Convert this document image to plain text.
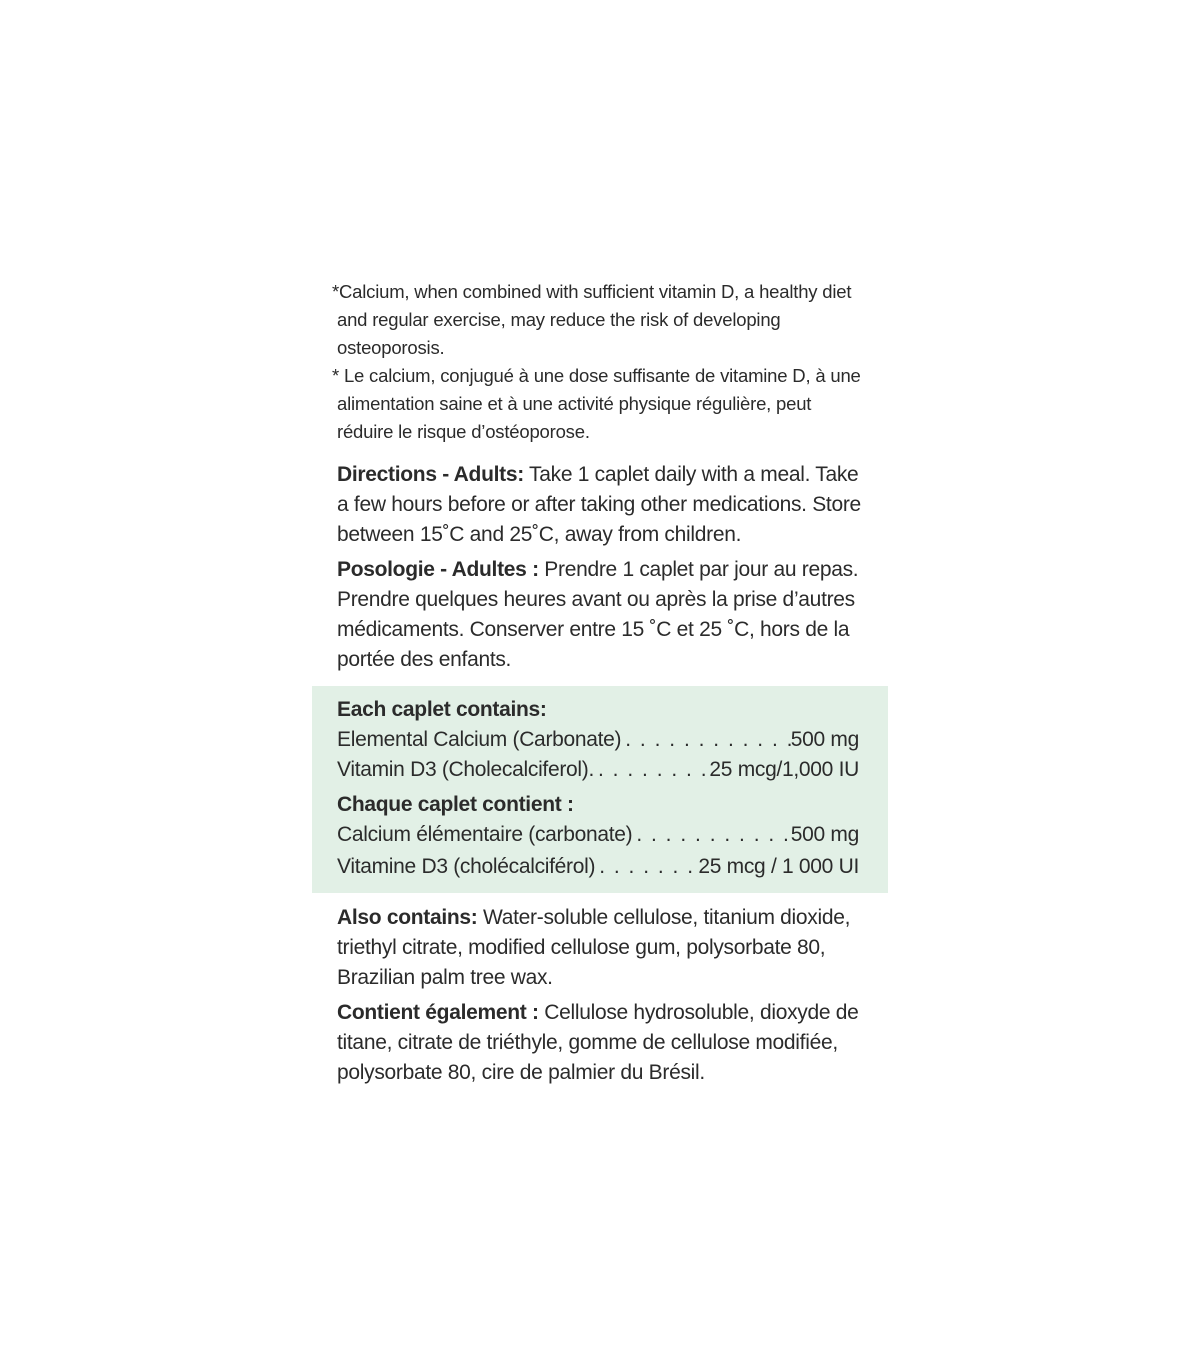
*Calcium, when combined with sufficient vitamin D, a healthy diet and regular exercise, may reduce the risk of developing osteoporosis.

* Le calcium, conjugué à une dose suffisante de vitamine D, à une alimentation saine et à une activité physique régulière, peut réduire le risque d’ostéoporose.

Directions - Adults: Take 1 caplet daily with a meal. Take a few hours before or after taking other medications. Store between 15˚C and 25˚C, away from children.

Posologie - Adultes : Prendre 1 caplet par jour au repas. Prendre quelques heures avant ou après la prise d’autres médicaments. Conserver entre 15 ˚C et 25 ˚C, hors de la portée des enfants.

Each caplet contains:

Elemental Calcium (Carbonate) . . .	500 mg
Vitamin D3 (Cholecalciferol). . . .	25 mcg/1,000 IU

Chaque caplet contient :

Calcium élémentaire (carbonate) . . .	500 mg
Vitamine D3 (cholécalciférol) . . .	25 mcg / 1 000 UI

Also contains: Water-soluble cellulose, titanium dioxide, triethyl citrate, modified cellulose gum, polysorbate 80, Brazilian palm tree wax.

Contient également : Cellulose hydrosoluble, dioxyde de titane, citrate de triéthyle, gomme de cellulose modifiée, polysorbate 80, cire de palmier du Brésil.
